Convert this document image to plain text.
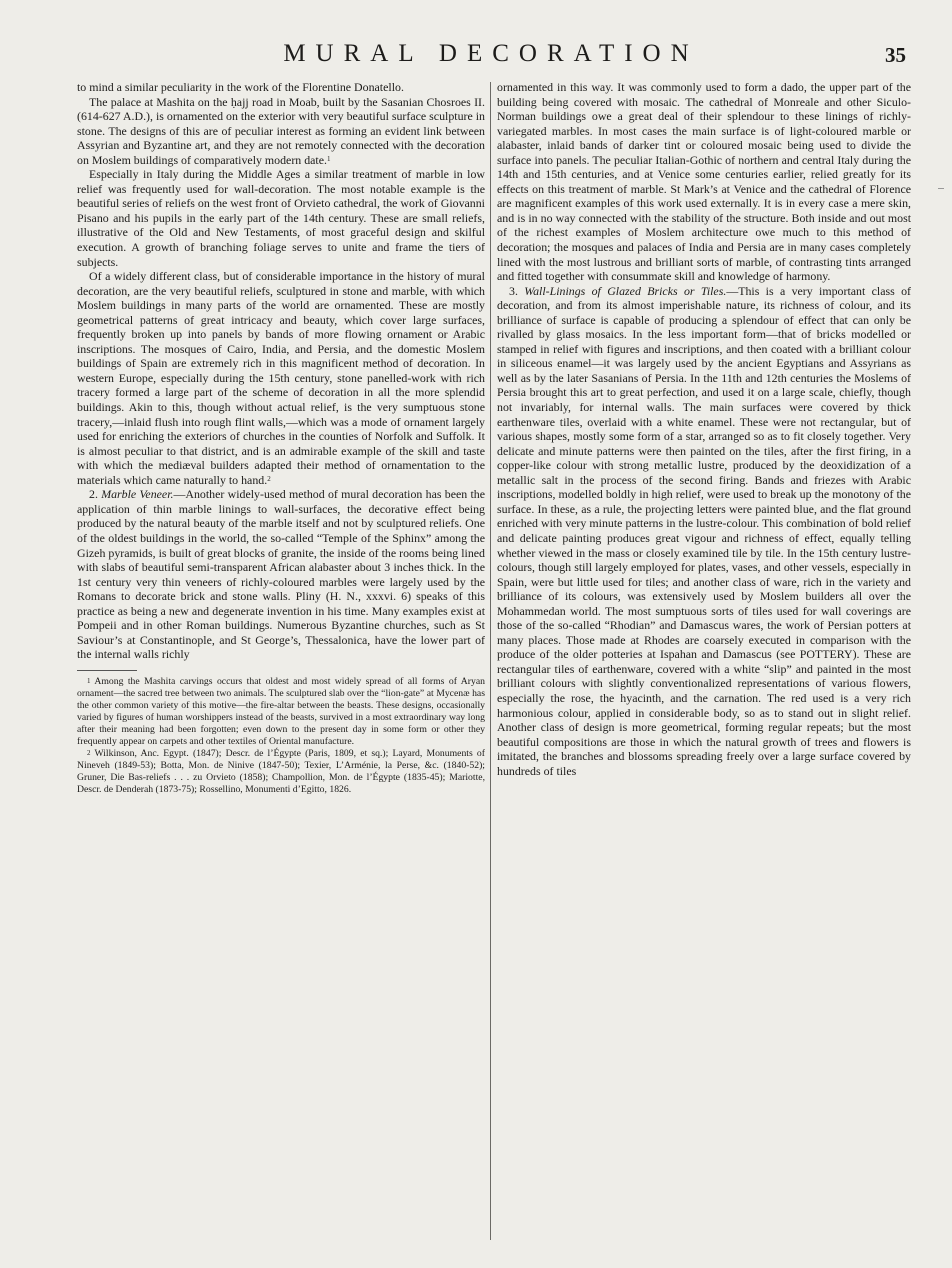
MURAL DECORATION	35

to mind a similar peculiarity in the work of the Florentine Donatello.

The palace at Mashita on the ḥajj road in Moab, built by the Sasanian Chosroes II. (614-627 A.D.), is ornamented on the exterior with very beautiful surface sculpture in stone. The designs of this are of peculiar interest as forming an evident link between Assyrian and Byzantine art, and they are not remotely connected with the decoration on Moslem buildings of comparatively modern date.$^1$

Especially in Italy during the Middle Ages a similar treatment of marble in low relief was frequently used for wall-decoration. The most notable example is the beautiful series of reliefs on the west front of Orvieto cathedral, the work of Giovanni Pisano and his pupils in the early part of the 14th century. These are small reliefs, illustrative of the Old and New Testaments, of most graceful design and skilful execution. A growth of branching foliage serves to unite and frame the tiers of subjects.

Of a widely different class, but of considerable importance in the history of mural decoration, are the very beautiful reliefs, sculptured in stone and marble, with which Moslem buildings in many parts of the world are ornamented. These are mostly geometrical patterns of great intricacy and beauty, which cover large surfaces, frequently broken up into panels by bands of more flowing ornament or Arabic inscriptions. The mosques of Cairo, India, and Persia, and the domestic Moslem buildings of Spain are extremely rich in this magnificent method of decoration. In western Europe, especially during the 15th century, stone panelled-work with rich tracery formed a large part of the scheme of decoration in all the more splendid buildings. Akin to this, though without actual relief, is the very sumptuous stone tracery,—inlaid flush into rough flint walls,—which was a mode of ornament largely used for enriching the exteriors of churches in the counties of Norfolk and Suffolk. It is almost peculiar to that district, and is an admirable example of the skill and taste with which the mediæval builders adapted their method of ornamentation to the materials which came naturally to hand.$^2$

2. Marble Veneer.—Another widely-used method of mural decoration has been the application of thin marble linings to wall-surfaces, the decorative effect being produced by the natural beauty of the marble itself and not by sculptured reliefs. One of the oldest buildings in the world, the so-called “Temple of the Sphinx” among the Gizeh pyramids, is built of great blocks of granite, the inside of the rooms being lined with slabs of beautiful semi-transparent African alabaster about 3 inches thick. In the 1st century very thin veneers of richly-coloured marbles were largely used by the Romans to decorate brick and stone walls. Pliny (H. N., xxxvi. 6) speaks of this practice as being a new and degenerate invention in his time. Many examples exist at Pompeii and in other Roman buildings. Numerous Byzantine churches, such as St Saviour’s at Constantinople, and St George’s, Thessalonica, have the lower part of the internal walls richly

$^1$ Among the Mashita carvings occurs that oldest and most widely spread of all forms of Aryan ornament—the sacred tree between two animals. The sculptured slab over the “lion-gate” at Mycenæ has the other common variety of this motive—the fire-altar between the beasts. These designs, occasionally varied by figures of human worshippers instead of the beasts, survived in a most extraordinary way long after their meaning had been forgotten; even down to the present day in some form or other they frequently appear on carpets and other textiles of Oriental manufacture.

$^2$ Wilkinson, Anc. Egypt. (1847); Descr. de l’Égypte (Paris, 1809, et sq.); Layard, Monuments of Nineveh (1849-53); Botta, Mon. de Ninive (1847-50); Texier, L’Arménie, la Perse, &c. (1840-52); Gruner, Die Bas-reliefs . . . zu Orvieto (1858); Champollion, Mon. de l’Égypte (1835-45); Mariotte, Descr. de Denderah (1873-75); Rossellino, Monumenti d’Egitto, 1826.

ornamented in this way. It was commonly used to form a dado, the upper part of the building being covered with mosaic. The cathedral of Monreale and other Siculo-Norman buildings owe a great deal of their splendour to these linings of richly-variegated marbles. In most cases the main surface is of light-coloured marble or alabaster, inlaid bands of darker tint or coloured mosaic being used to divide the surface into panels. The peculiar Italian-Gothic of northern and central Italy during the 14th and 15th centuries, and at Venice some centuries earlier, relied greatly for its effects on this treatment of marble. St Mark’s at Venice and the cathedral of Florence are magnificent examples of this work used externally. It is in every case a mere skin, and is in no way connected with the stability of the structure. Both inside and out most of the richest examples of Moslem architecture owe much to this method of decoration; the mosques and palaces of India and Persia are in many cases completely lined with the most lustrous and brilliant sorts of marble, of contrasting tints arranged and fitted together with consummate skill and knowledge of harmony.

3. Wall-Linings of Glazed Bricks or Tiles.—This is a very important class of decoration, and from its almost imperishable nature, its richness of colour, and its brilliance of surface is capable of producing a splendour of effect that can only be rivalled by glass mosaics. In the less important form—that of bricks modelled or stamped in relief with figures and inscriptions, and then coated with a brilliant colour in siliceous enamel—it was largely used by the ancient Egyptians and Assyrians as well as by the later Sasanians of Persia. In the 11th and 12th centuries the Moslems of Persia brought this art to great perfection, and used it on a large scale, chiefly, though not invariably, for internal walls. The main surfaces were covered by thick earthenware tiles, overlaid with a white enamel. These were not rectangular, but of various shapes, mostly some form of a star, arranged so as to fit closely together. Very delicate and minute patterns were then painted on the tiles, after the first firing, in a copper-like colour with strong metallic lustre, produced by the deoxidization of a metallic salt in the process of the second firing. Bands and friezes with Arabic inscriptions, modelled boldly in high relief, were used to break up the monotony of the surface. In these, as a rule, the projecting letters were painted blue, and the flat ground enriched with very minute patterns in the lustre-colour. This combination of bold relief and delicate painting produces great vigour and richness of effect, equally telling whether viewed in the mass or closely examined tile by tile. In the 15th century lustre-colours, though still largely employed for plates, vases, and other vessels, especially in Spain, were but little used for tiles; and another class of ware, rich in the variety and brilliance of its colours, was extensively used by Moslem builders all over the Mohammedan world. The most sumptuous sorts of tiles used for wall coverings are those of the so-called “Rhodian” and Damascus wares, the work of Persian potters at many places. Those made at Rhodes are coarsely executed in comparison with the produce of the older potteries at Ispahan and Damascus (see POTTERY). These are rectangular tiles of earthenware, covered with a white “slip” and painted in the most brilliant colours with slightly conventionalized representations of various flowers, especially the rose, the hyacinth, and the carnation. The red used is a very rich harmonious colour, applied in considerable body, so as to stand out in slight relief. Another class of design is more geometrical, forming regular repeats; but the most beautiful compositions are those in which the natural growth of trees and flowers is imitated, the branches and blossoms spreading freely over a large surface covered by hundreds of tiles
